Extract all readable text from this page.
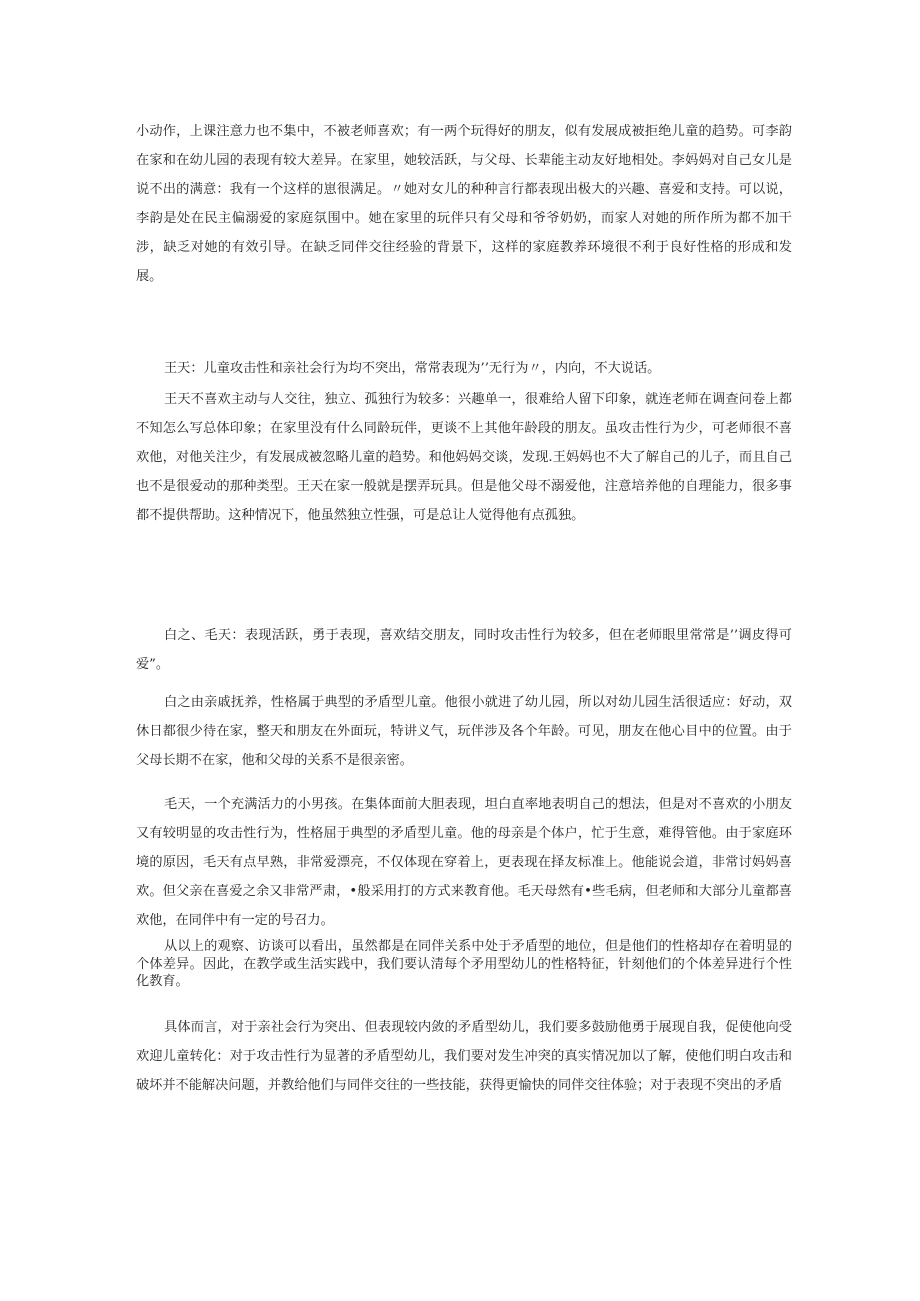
小动作，上课注意力也不集中，不被老师喜欢；有一两个玩得好的朋友，似有发展成被拒绝儿童的趋势。可李韵在家和在幼儿园的表现有较大差异。在家里，她较活跃，与父母、长辈能主动友好地相处。李妈妈对自己女儿是说不出的满意：我有一个这样的崽很满足。〃她对女儿的种种言行都表现出极大的兴趣、喜爱和支持。可以说，李韵是处在民主偏溺爱的家庭氛围中。她在家里的玩伴只有父母和爷爷奶奶，而家人对她的所作所为都不加干涉，缺乏对她的有效引导。在缺乏同伴交往经验的背景下，这样的家庭教养环境很不利于良好性格的形成和发展。

王天：儿童攻击性和亲社会行为均不突出，常常表现为’’无行为〃，内向，不大说话。

王天不喜欢主动与人交往，独立、孤独行为较多：兴趣单一，很难给人留下印象，就连老师在调查问卷上都不知怎么写总体印象；在家里没有什么同龄玩伴，更谈不上其他年龄段的朋友。虽攻击性行为少，可老师很不喜欢他，对他关注少，有发展成被忽略儿童的趋势。和他妈妈交谈，发现.王妈妈也不大了解自己的儿子，而且自己也不是很爱动的那种类型。王天在家一般就是摆弄玩具。但是他父母不溺爱他，注意培养他的自理能力，很多事都不提供帮助。这种情况下，他虽然独立性强，可是总让人觉得他有点孤独。

白之、毛天：表现活跃，勇于表现，喜欢结交朋友，同时攻击性行为较多，但在老师眼里常常是’’调皮得可爱”。

白之由亲戚抚养，性格属于典型的矛盾型儿童。他很小就进了幼儿园，所以对幼儿园生活很适应：好动，双休日都很少待在家，整天和朋友在外面玩，特讲义气，玩伴涉及各个年龄。可见，朋友在他心目中的位置。由于父母长期不在家，他和父母的关系不是很亲密。

毛天，一个充满活力的小男孩。在集体面前大胆表现，坦白直率地表明自己的想法，但是对不喜欢的小朋友又有较明显的攻击性行为，性格屈于典型的矛盾型儿童。他的母亲是个体户，忙于生意，难得管他。由于家庭环境的原因，毛天有点早熟，非常爱漂亮，不仅体现在穿着上，更表现在择友标准上。他能说会道，非常讨妈妈喜欢。但父亲在喜爱之余又非常严肃，•般采用打的方式来教育他。毛天母然有•些毛病，但老师和大部分儿童都喜欢他，在同伴中有一定的号召力。

从以上的观察、访谈可以看出，虽然都是在同伴关系中处于矛盾型的地位，但是他们的性格却存在着明显的个体差异。因此，在教学或生活实践中，我们要认清每个矛用型幼儿的性格特征，针刻他们的个体差异进行个性化教育。

具体而言，对于亲社会行为突出、但表现较内敛的矛盾型幼儿，我们要多鼓励他勇于展现自我，促使他向受欢迎儿童转化：对于攻击性行为显著的矛盾型幼儿，我们要对发生冲突的真实情况加以了解，使他们明白攻击和破坏并不能解决问题，并教给他们与同伴交往的一些技能，获得更愉快的同伴交往体验；对于表现不突出的矛盾
